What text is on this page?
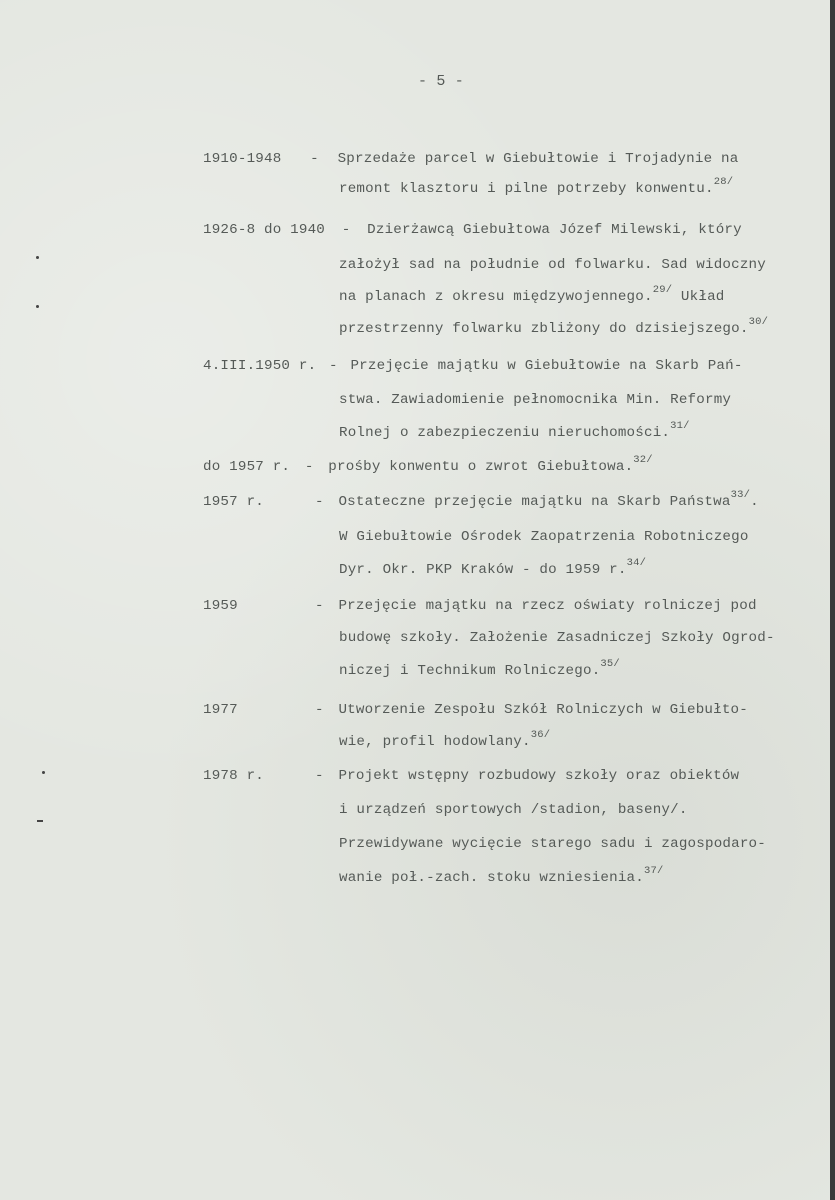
- 5 -
1910-1948 - Sprzedaże parcel w Giebułtowie i Trojadynie na
remont klasztoru i pilne potrzeby konwentu.$^{28/}$
1926-8 do 1940 - Dzierżawcą Giebułtowa Józef Milewski, który
założył sad na południe od folwarku. Sad widoczny
na planach z okresu międzywojennego.$^{29/}$ Układ
przestrzenny folwarku zbliżony do dzisiejszego.$^{30/}$
4.III.1950 r. - Przejęcie majątku w Giebułtowie na Skarb Pań-
stwa. Zawiadomienie pełnomocnika Min. Reformy
Rolnej o zabezpieczeniu nieruchomości.$^{31/}$
do 1957 r. - prośby konwentu o zwrot Giebułtowa.$^{32/}$
1957 r.	- Ostateczne przejęcie majątku na Skarb Państwa$^{33/}$.
W Giebułtowie Ośrodek Zaopatrzenia Robotniczego
Dyr. Okr. PKP Kraków - do 1959 r.$^{34/}$
1959	- Przejęcie majątku na rzecz oświaty rolniczej pod
budowę szkoły. Założenie Zasadniczej Szkoły Ogrod-
niczej i Technikum Rolniczego.$^{35/}$
1977	- Utworzenie Zespołu Szkół Rolniczych w Giebułto-
wie, profil hodowlany.$^{36/}$
1978 r.	- Projekt wstępny rozbudowy szkoły oraz obiektów
i urządzeń sportowych /stadion, baseny/.
Przewidywane wycięcie starego sadu i zagospodaro-
wanie poł.-zach. stoku wzniesienia.$^{37/}$
